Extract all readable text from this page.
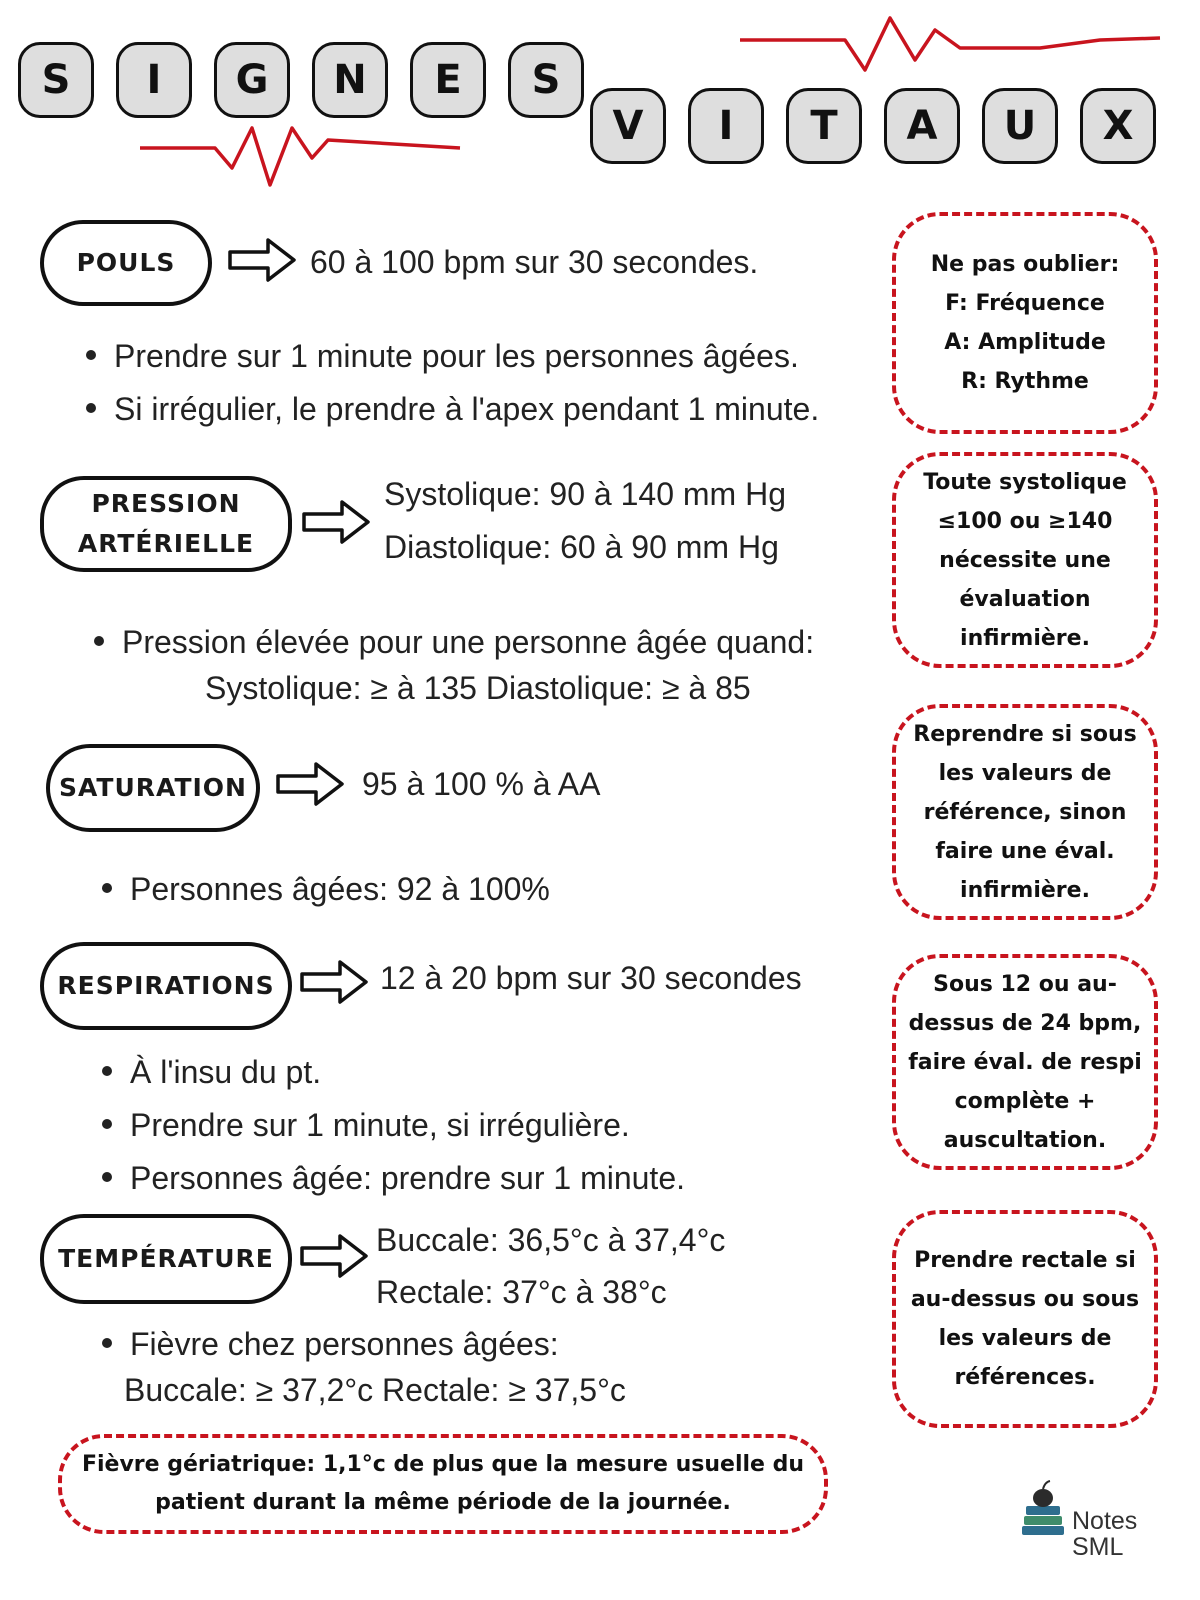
S	I	G	N	E	S
V	I	T	A	U	X
POULS	60 à 100 bpm sur 30 secondes.
Prendre sur 1 minute pour les personnes âgées.
Si irrégulier, le prendre à l'apex pendant 1 minute.
Ne pas oublier:
F: Fréquence
A: Amplitude
R: Rythme
PRESSION
ARTÉRIELLE
Systolique: 90 à 140 mm Hg
Diastolique: 60 à 90 mm Hg
Pression élevée pour une personne âgée quand:
Systolique: ≥ à 135 Diastolique: ≥ à 85
Toute systolique
≤100 ou ≥140
nécessite une
évaluation
infirmière.
SATURATION	95 à 100 % à AA
Personnes âgées: 92 à 100%
Reprendre si sous
les valeurs de
référence, sinon
faire une éval.
infirmière.
RESPIRATIONS	12 à 20 bpm sur 30 secondes
À l'insu du pt.
Prendre sur 1 minute, si irrégulière.
Personnes âgée: prendre sur 1 minute.
Sous 12 ou au-
dessus de 24 bpm,
faire éval. de respi
complète +
auscultation.
TEMPÉRATURE
Buccale: 36,5°c à 37,4°c
Rectale: 37°c à 38°c
Fièvre chez personnes âgées:
Buccale: ≥ 37,2°c Rectale: ≥ 37,5°c
Prendre rectale si
au-dessus ou sous
les valeurs de
références.
Fièvre gériatrique: 1,1°c de plus que la mesure usuelle du
patient durant la même période de la journée.
Notes
SML
